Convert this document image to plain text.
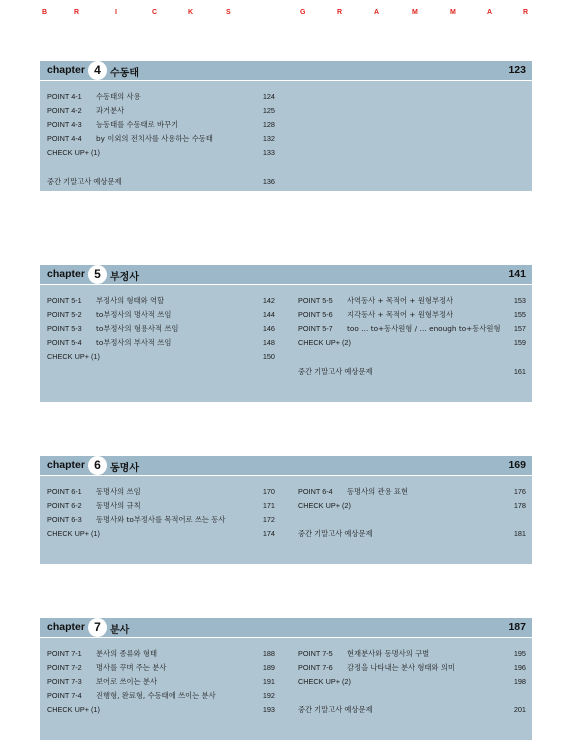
B	R	I	C	K	S	G	R	A	M	M	A	R
chapter 4 수동태	123
POINT 4-1 수동태의 사용	124
POINT 4-2 과거분사	125
POINT 4-3 능동태를 수동태로 바꾸기	128
POINT 4-4 by 이외의 전치사를 사용하는 수동태	132
CHECK UP+ (1)	133
중간 기말고사 예상문제	136
chapter 5 부정사	141
POINT 5-1 부정사의 형태와 역할	142
POINT 5-2 to부정사의 명사적 쓰임	144
POINT 5-3 to부정사의 형용사적 쓰임	146
POINT 5-4 to부정사의 부사적 쓰임	148
CHECK UP+ (1)	150
POINT 5-5 사역동사 + 목적어 + 원형부정사	153
POINT 5-6 지각동사 + 목적어 + 원형부정사	155
POINT 5-7 too … to+동사원형 / … enough to+동사원형 157
CHECK UP+ (2)	159
중간 기말고사 예상문제	161
chapter 6 동명사	169
POINT 6-1 동명사의 쓰임	170
POINT 6-2 동명사의 규칙	171
POINT 6-3 동명사와 to부정사를 목적어로 쓰는 동사	172
CHECK UP+ (1)	174
POINT 6-4 동명사의 관용 표현	176
CHECK UP+ (2)	178
중간 기말고사 예상문제	181
chapter 7 분사	187
POINT 7-1 분사의 종류와 형태	188
POINT 7-2 명사를 꾸며 주는 분사	189
POINT 7-3 보어로 쓰이는 분사	191
POINT 7-4 진행형, 완료형, 수동태에 쓰이는 분사	192
CHECK UP+ (1)	193
POINT 7-5 현재분사와 동명사의 구별	195
POINT 7-6 감정을 나타내는 분사 형태와 의미	196
CHECK UP+ (2)	198
중간 기말고사 예상문제	201
